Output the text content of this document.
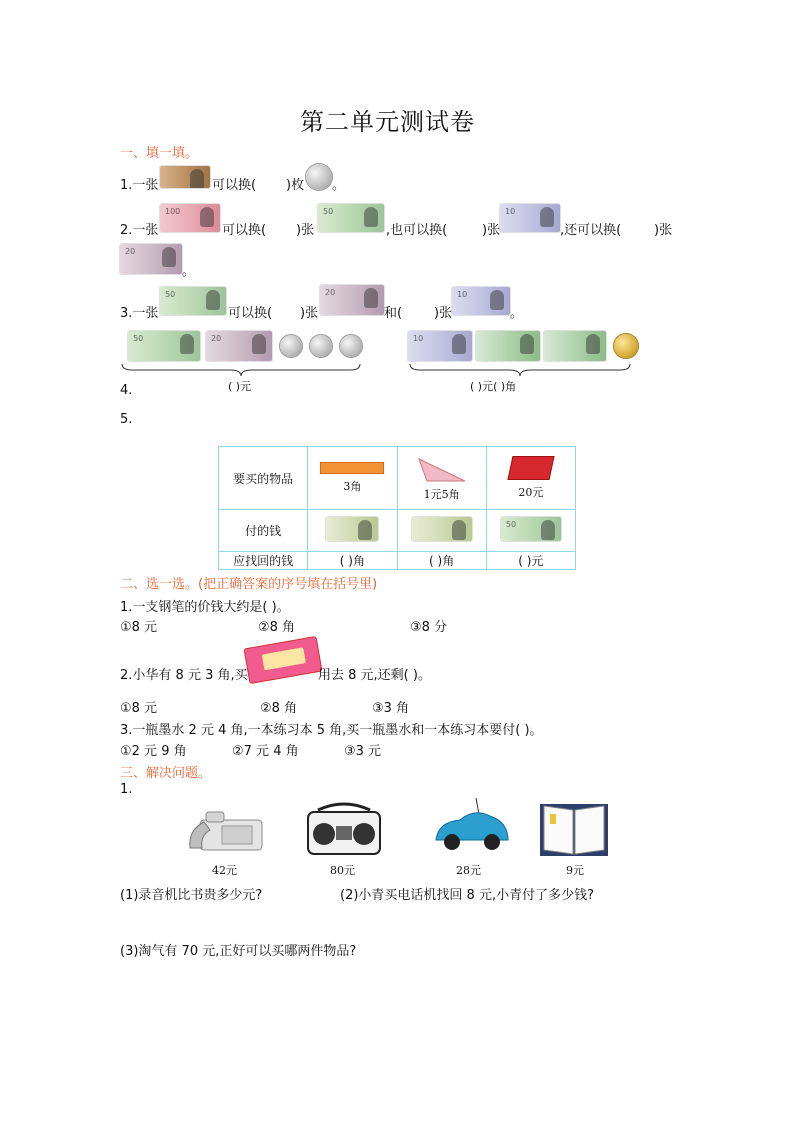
第二单元测试卷
一、填一填。
1.一张	可以换( )枚 。
2.一张
100
可以换( )张
50
,也可以换(	)张
10
,还可以换(	)张
20
。
3.一张
50
可以换( )张
20
和( )张
10
。
50	20
4.	( )元
10
( )元( )角
5.
要买的物品	3角	1元5角	20元

付的钱			50

应找回的钱	( )角	( )角	( )元
二、选一选。(把正确答案的序号填在括号里)
1.一支钢笔的价钱大约是( )。
①8 元	②8 角	③8 分
2.小华有 8 元 3 角,买	用去 8 元,还剩( )。
①8 元	②8 角	③3 角
3.一瓶墨水 2 元 4 角,一本练习本 5 角,买一瓶墨水和一本练习本要付( )。
①2 元 9 角	②7 元 4 角	③3 元
三、解决问题。
1.
42元	80元	28元	9元
(1)录音机比书贵多少元?	(2)小青买电话机找回 8 元,小青付了多少钱?
(3)淘气有 70 元,正好可以买哪两件物品?
